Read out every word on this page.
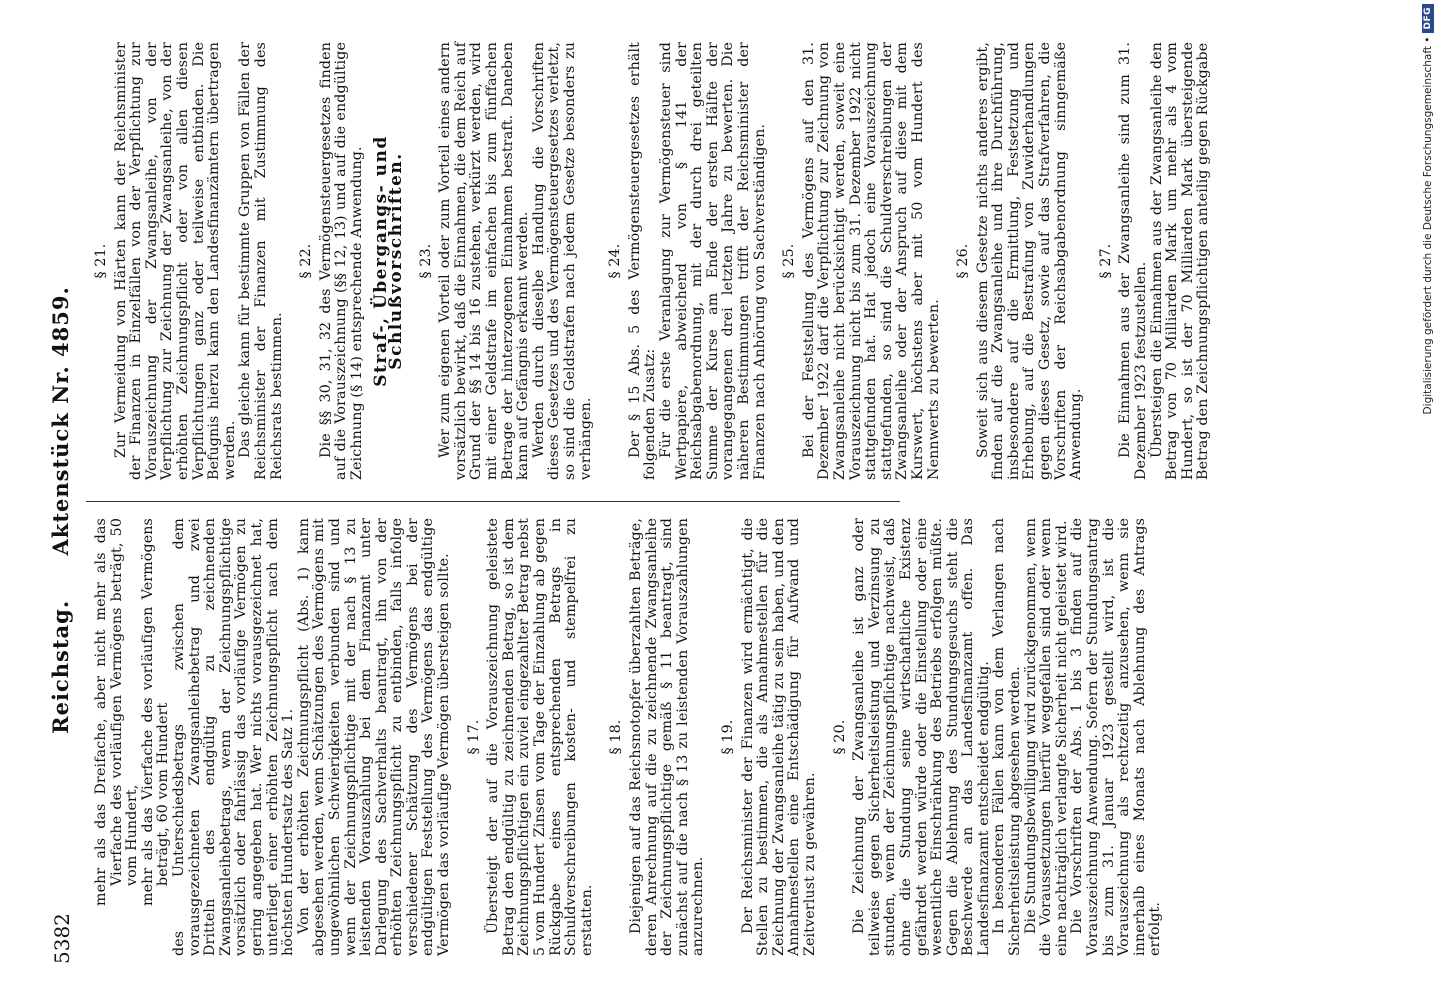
5382
Reichstag. Aktenstück Nr. 4859.

mehr als das Dreifache, aber nicht mehr als das Vierfache des vorläufigen Vermögens beträgt, 50 vom Hundert, mehr als das Vierfache des vorläufigen Vermögens beträgt, 60 vom Hundert des Unterschiedsbetrags zwischen dem vorausgezeichneten Zwangsanleihebetrag und zwei Dritteln des endgültig zu zeichnenden Zwangsanleihebetrags, wenn der Zeichnungspflichtige vorsätzlich oder fahrlässig das vorläufige Vermögen zu gering angegeben hat. Wer nichts vorausgezeichnet hat, unterliegt einer erhöhten Zeichnungspflicht nach dem höchsten Hundertsatz des Satz 1. Von der erhöhten Zeichnungspflicht (Abs. 1) kann abgesehen werden, wenn Schätzungen des Vermögens mit ungewöhnlichen Schwierigkeiten verbunden sind und wenn der Zeichnungspflichtige mit der nach § 13 zu leistenden Vorauszahlung bei dem Finanzamt unter Darlegung des Sachverhalts beantragt, ihn von der erhöhten Zeichnungspflicht zu entbinden, falls infolge verschiedener Schätzung des Vermögens bei der endgültigen Feststellung des Vermögens das endgültige Vermögen das vorläufige Vermögen übersteigen sollte. § 17. Übersteigt der auf die Vorauszeichnung geleistete Betrag den endgültig zu zeichnenden Betrag, so ist dem Zeichnungspflichtigen ein zuviel eingezahlter Betrag nebst 5 vom Hundert Zinsen vom Tage der Einzahlung ab gegen Rückgabe eines entsprechenden Betrags in Schuldverschreibungen kosten- und stempelfrei zu erstatten.

§ 18. Diejenigen auf das Reichsnotopfer überzahlten Beträge, deren Anrechnung auf die zu zeichnende Zwangsanleihe der Zeichnungspflichtige gemäß § 11 beantragt, sind zunächst auf die nach § 13 zu leistenden Vorauszahlungen anzurechnen.

§ 19. Der Reichsminister der Finanzen wird ermächtigt, die Stellen zu bestimmen, die als Annahmestellen für die Zeichnung der Zwangsanleihe tätig zu sein haben, und den Annahmestellen eine Entschädigung für Aufwand und Zeitverlust zu gewähren.

§ 20. Die Zeichnung der Zwangsanleihe ist ganz oder teilweise gegen Sicherheitsleistung und Verzinsung zu stunden, wenn der Zeichnungspflichtige nachweist, daß ohne die Stundung seine wirtschaftliche Existenz gefährdet werden würde oder die Einstellung oder eine wesentliche Einschränkung des Betriebs erfolgen müßte. Gegen die Ablehnung des Stundungsgesuchs steht die Beschwerde an das Landesfinanzamt offen. Das Landesfinanzamt entscheidet endgültig. In besonderen Fällen kann von dem Verlangen nach Sicherheitsleistung abgesehen werden. Die Stundungsbewilligung wird zurückgenommen, wenn die Voraussetzungen hierfür weggefallen sind oder wenn eine nachträglich verlangte Sicherheit nicht geleistet wird. Die Vorschriften der Abs. 1 bis 3 finden auf die Vorauszeichnung Anwendung. Sofern der Stundungsantrag bis zum 31. Januar 1923 gestellt wird, ist die Vorauszeichnung als rechtzeitig anzusehen, wenn sie innerhalb eines Monats nach Ablehnung des Antrags erfolgt.

§ 21. Zur Vermeidung von Härten kann der Reichsminister der Finanzen in Einzelfällen von der Verpflichtung zur Vorauszeichnung der Zwangsanleihe, von der Verpflichtung zur Zeichnung der Zwangsanleihe, von der erhöhten Zeichnungspflicht oder von allen diesen Verpflichtungen ganz oder teilweise entbinden. Die Befugnis hierzu kann den Landesfinanzämtern übertragen werden. Das gleiche kann für bestimmte Gruppen von Fällen der Reichsminister der Finanzen mit Zustimmung des Reichsrats bestimmen.

§ 22. Die §§ 30, 31, 32 des Vermögensteuergesetzes finden auf die Vorauszeichnung (§§ 12, 13) und auf die endgültige Zeichnung (§ 14) entsprechende Anwendung. Straf-, Übergangs- und Schlußvorschriften. § 23. Wer zum eigenen Vorteil oder zum Vorteil eines andern vorsätzlich bewirkt, daß die Einnahmen, die dem Reich auf Grund der §§ 14 bis 16 zustehen, verkürzt werden, wird mit einer Geldstrafe im einfachen bis zum fünffachen Betrage der hinterzogenen Einnahmen bestraft. Daneben kann auf Gefängnis erkannt werden. Werden durch dieselbe Handlung die Vorschriften dieses Gesetzes und des Vermögensteuergesetzes verletzt, so sind die Geldstrafen nach jedem Gesetze besonders zu verhängen.

§ 24. Der § 15 Abs. 5 des Vermögensteuergesetzes erhält folgenden Zusatz: Für die erste Veranlagung zur Vermögensteuer sind Wertpapiere, abweichend von § 141 der Reichsabgabenordnung, mit der durch drei geteilten Summe der Kurse am Ende der ersten Hälfte der vorangegangenen drei letzten Jahre zu bewerten. Die näheren Bestimmungen trifft der Reichsminister der Finanzen nach Anhörung von Sachverständigen. § 25. Bei der Feststellung des Vermögens auf den 31. Dezember 1922 darf die Verpflichtung zur Zeichnung von Zwangsanleihe nicht berücksichtigt werden, soweit eine Vorauszeichnung nicht bis zum 31. Dezember 1922 nicht stattgefunden hat. Hat jedoch eine Vorauszeichnung stattgefunden, so sind die Schuldverschreibungen der Zwangsanleihe oder der Anspruch auf diese mit dem Kurswert, höchstens aber mit 50 vom Hundert des Nennwerts zu bewerten.

§ 26. Soweit sich aus diesem Gesetze nichts anderes ergibt, finden auf die Zwangsanleihe und ihre Durchführung, insbesondere auf die Ermittlung, Festsetzung und Erhebung, auf die Bestrafung von Zuwiderhandlungen gegen dieses Gesetz, sowie auf das Strafverfahren, die Vorschriften der Reichsabgabenordnung sinngemäße Anwendung.

§ 27. Die Einnahmen aus der Zwangsanleihe sind zum 31. Dezember 1923 festzustellen. Übersteigen die Einnahmen aus der Zwangsanleihe den Betrag von 70 Milliarden Mark um mehr als 4 vom Hundert, so ist der 70 Milliarden Mark übersteigende Betrag den Zeichnungspflichtigen anteilig gegen Rückgabe	Digitalisierung gefördert durch die Deutsche Forschungsgemeinschaft •
DFG
